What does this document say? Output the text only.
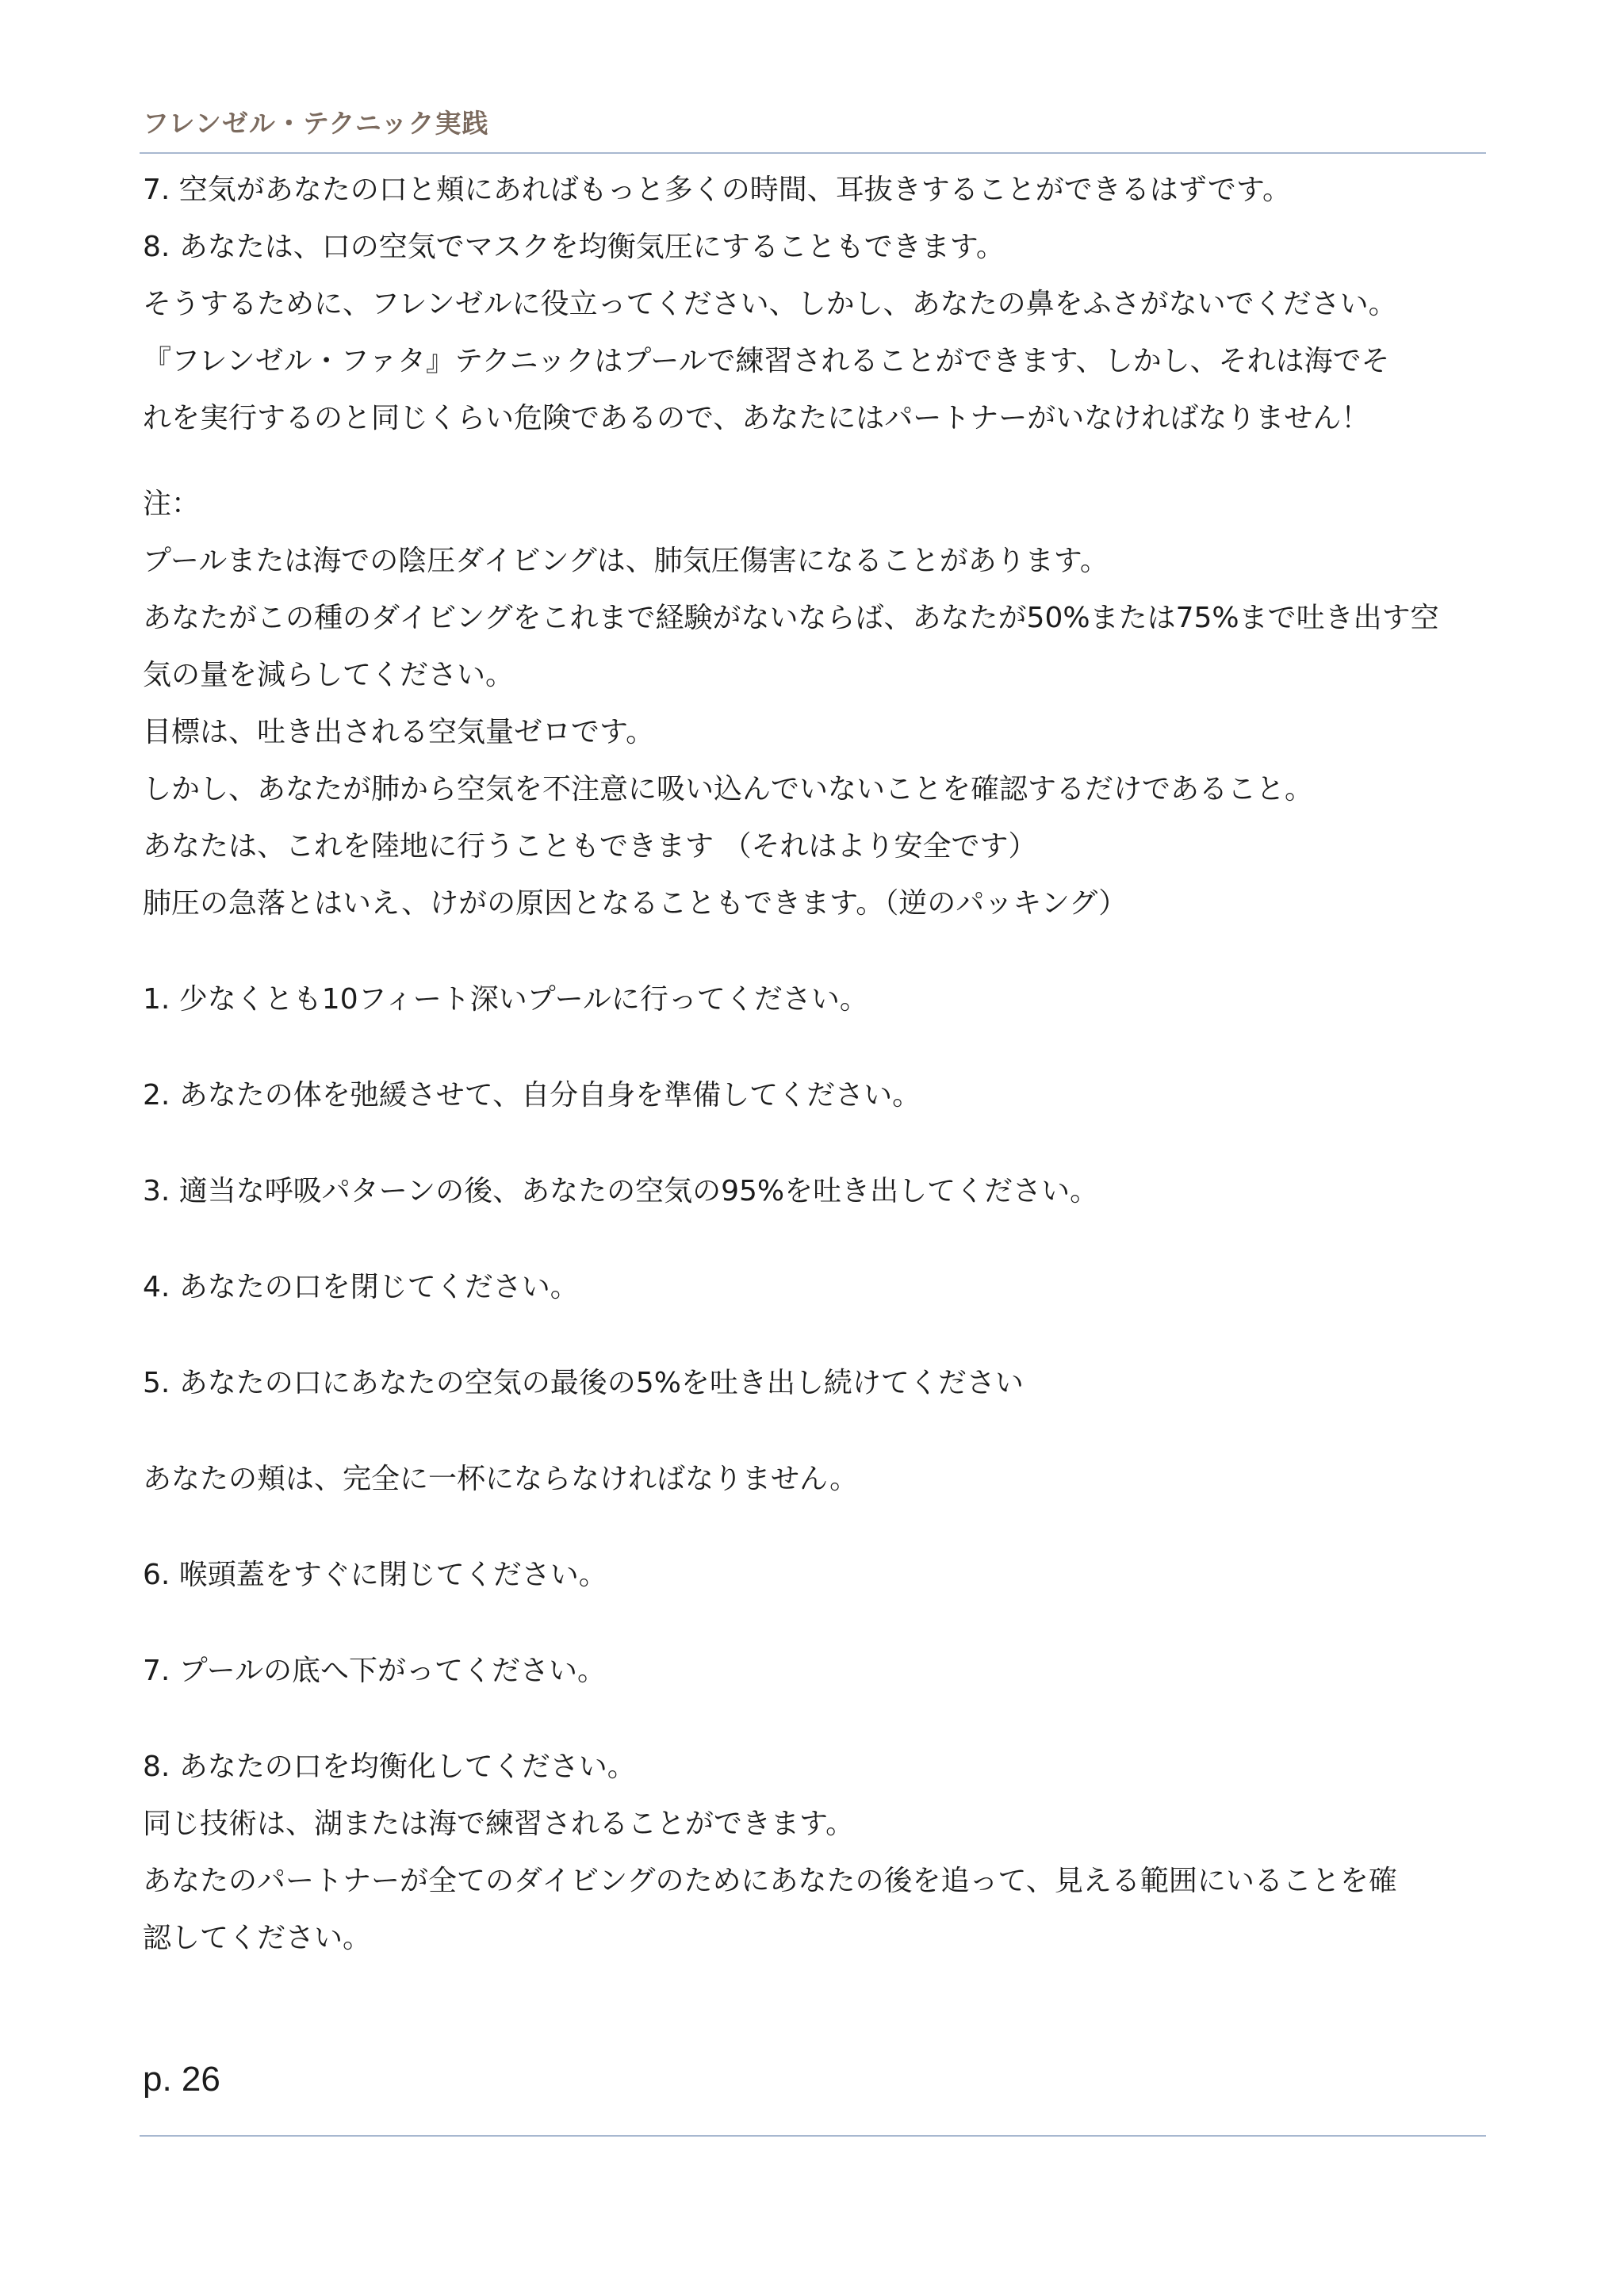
フレンゼル・テクニック実践
7. 空気があなたの口と頬にあればもっと多くの時間、耳抜きすることができるはずです。
8. あなたは、口の空気でマスクを均衡気圧にすることもできます。
そうするために、フレンゼルに役立ってください、しかし、あなたの鼻をふさがないでください。
『フレンゼル・ファタ』テクニックはプールで練習されることができます、しかし、それは海でそ
れを実行するのと同じくらい危険であるので、あなたにはパートナーがいなければなりません！
注：
プールまたは海での陰圧ダイビングは、肺気圧傷害になることがあります。
あなたがこの種のダイビングをこれまで経験がないならば、あなたが50%または75%まで吐き出す空
気の量を減らしてください。
目標は、吐き出される空気量ゼロです。
しかし、あなたが肺から空気を不注意に吸い込んでいないことを確認するだけであること。
あなたは、これを陸地に行うこともできます （それはより安全です）
肺圧の急落とはいえ、けがの原因となることもできます。（逆のパッキング）
1. 少なくとも10フィート深いプールに行ってください。
2. あなたの体を弛緩させて、自分自身を準備してください。
3. 適当な呼吸パターンの後、あなたの空気の95%を吐き出してください。
4. あなたの口を閉じてください。
5. あなたの口にあなたの空気の最後の5%を吐き出し続けてください
あなたの頬は、完全に一杯にならなければなりません。
6. 喉頭蓋をすぐに閉じてください。
7. プールの底へ下がってください。
8. あなたの口を均衡化してください。
同じ技術は、湖または海で練習されることができます。
あなたのパートナーが全てのダイビングのためにあなたの後を追って、見える範囲にいることを確
認してください。
p. 26
